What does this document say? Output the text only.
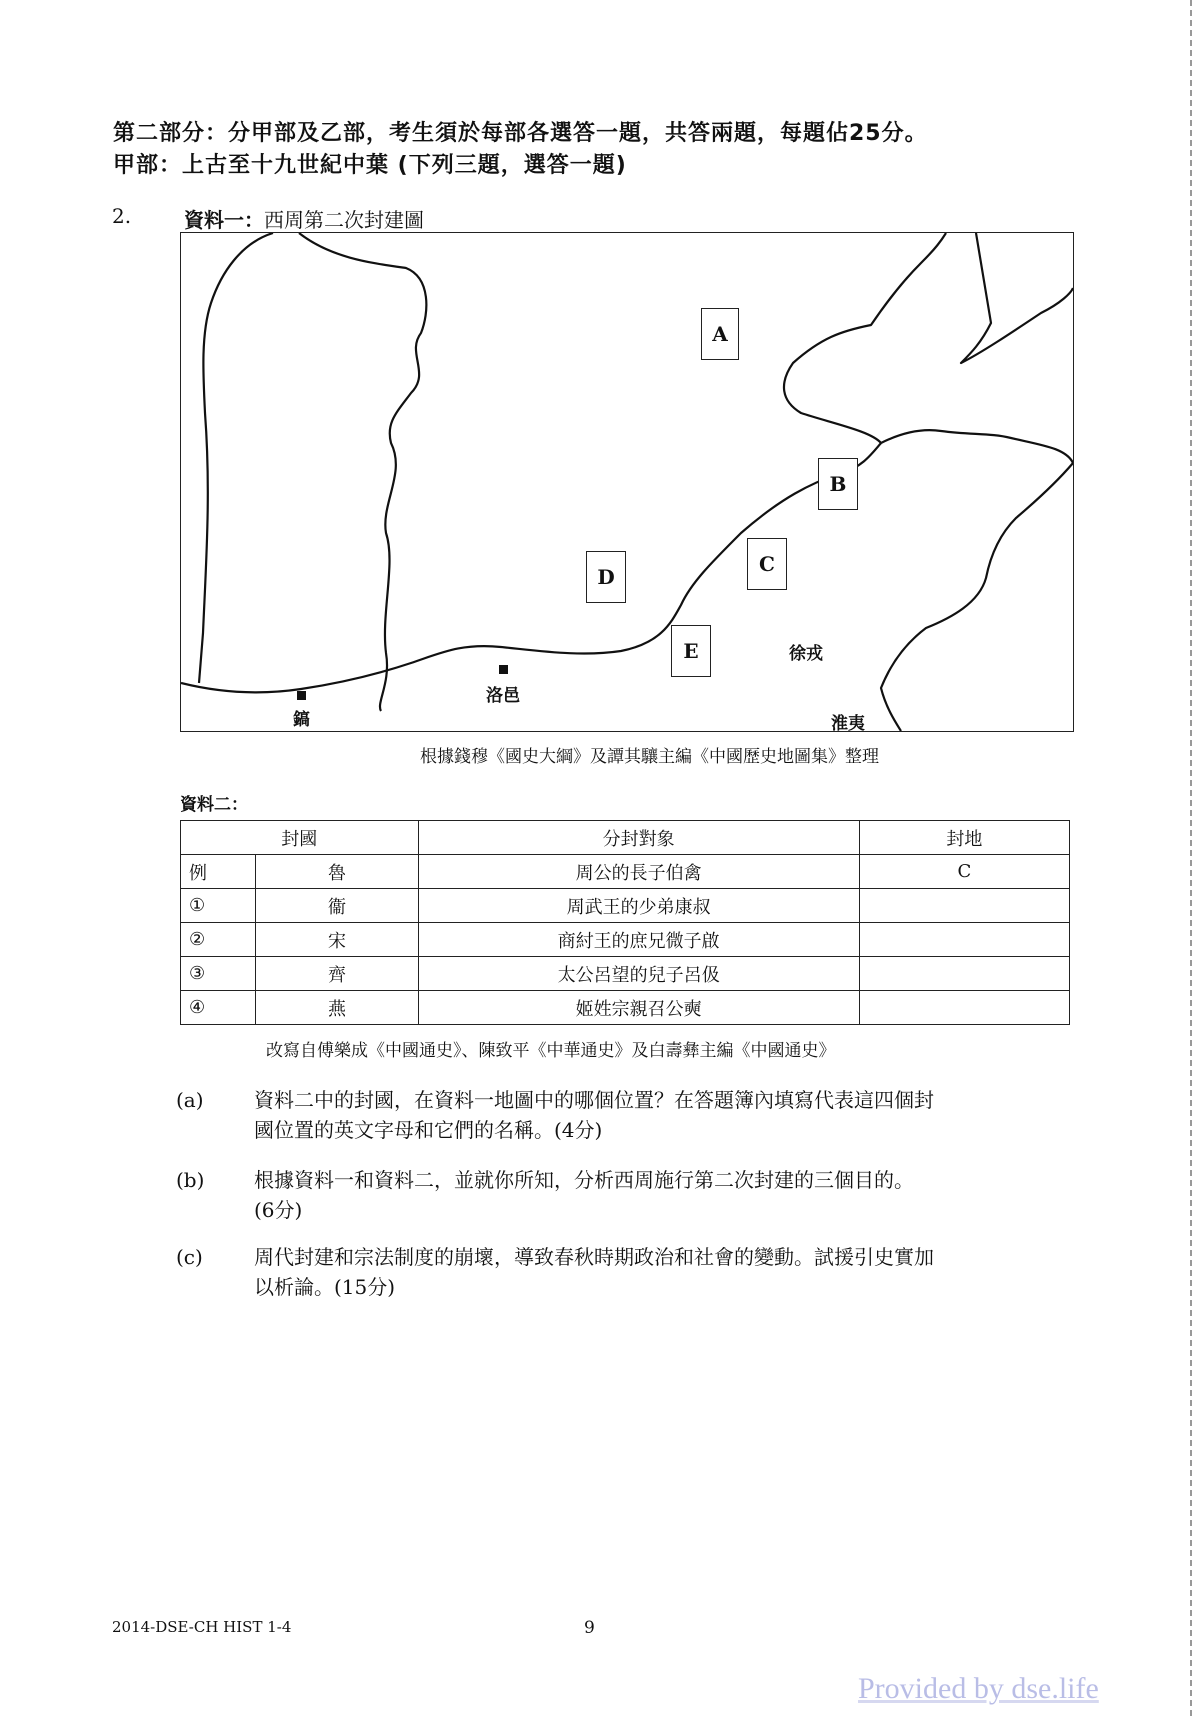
第二部分：分甲部及乙部，考生須於每部各選答一題，共答兩題，每題佔25分。
甲部：上古至十九世紀中葉 (下列三題，選答一題)
2.	資料一：西周第二次封建圖
A
B
C
D
E	徐戎
洛邑
鎬	淮夷
根據錢穆《國史大綱》及譚其驤主編《中國歷史地圖集》整理
資料二：
封國		分封對象	封地
例	魯	周公的長子伯禽	C
①	衞	周武王的少弟康叔	
②	宋	商紂王的庶兄微子啟	
③	齊	太公呂望的兒子呂伋	
④	燕	姬姓宗親召公奭	
改寫自傅樂成《中國通史》、陳致平《中華通史》及白壽彝主編《中國通史》
(a)	資料二中的封國，在資料一地圖中的哪個位置？在答題簿內填寫代表這四個封
國位置的英文字母和它們的名稱。(4分)
(b) 根據資料一和資料二，並就你所知，分析西周施行第二次封建的三個目的。
(6分)
(c)	周代封建和宗法制度的崩壞，導致春秋時期政治和社會的變動。試援引史實加
以析論。(15分)
2014-DSE-CH HIST 1-4	9
Provided by dse.life
